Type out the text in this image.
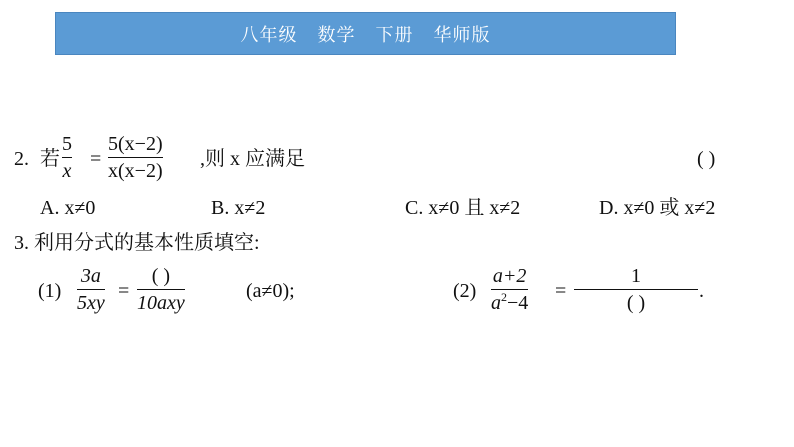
八年级 数学 下册 华师版
2. 若
5
x
=
5(x−2)
x(x−2)
,则 x 应满足	( )
A. x≠0	B. x≠2	C. x≠0 且 x≠2	D. x≠0 或 x≠2
3. 利用分式的基本性质填空:
(1)
3a
5xy
=
( )
10axy
(a≠0);	(2)
a+2
$a^2-4$
=
1
( )
.
